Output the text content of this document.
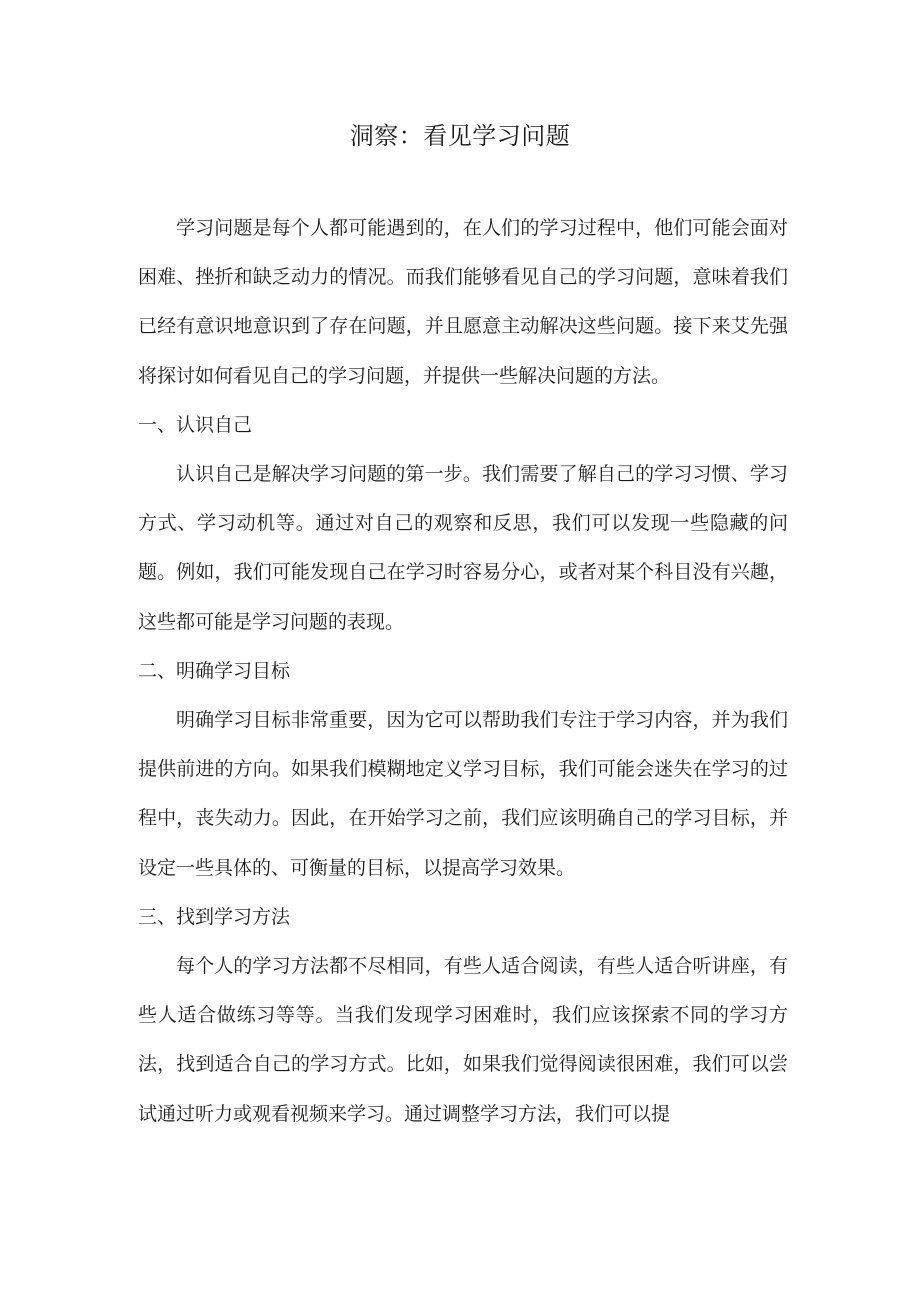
洞察：看见学习问题

学习问题是每个人都可能遇到的，在人们的学习过程中，他们可能会面对困难、挫折和缺乏动力的情况。而我们能够看见自己的学习问题，意味着我们已经有意识地意识到了存在问题，并且愿意主动解决这些问题。接下来艾先强将探讨如何看见自己的学习问题，并提供一些解决问题的方法。

一、认识自己

认识自己是解决学习问题的第一步。我们需要了解自己的学习习惯、学习方式、学习动机等。通过对自己的观察和反思，我们可以发现一些隐藏的问题。例如，我们可能发现自己在学习时容易分心，或者对某个科目没有兴趣，这些都可能是学习问题的表现。

二、明确学习目标

明确学习目标非常重要，因为它可以帮助我们专注于学习内容，并为我们提供前进的方向。如果我们模糊地定义学习目标，我们可能会迷失在学习的过程中，丧失动力。因此，在开始学习之前，我们应该明确自己的学习目标，并设定一些具体的、可衡量的目标，以提高学习效果。

三、找到学习方法

每个人的学习方法都不尽相同，有些人适合阅读，有些人适合听讲座，有些人适合做练习等等。当我们发现学习困难时，我们应该探索不同的学习方法，找到适合自己的学习方式。比如，如果我们觉得阅读很困难，我们可以尝试通过听力或观看视频来学习。通过调整学习方法，我们可以提
